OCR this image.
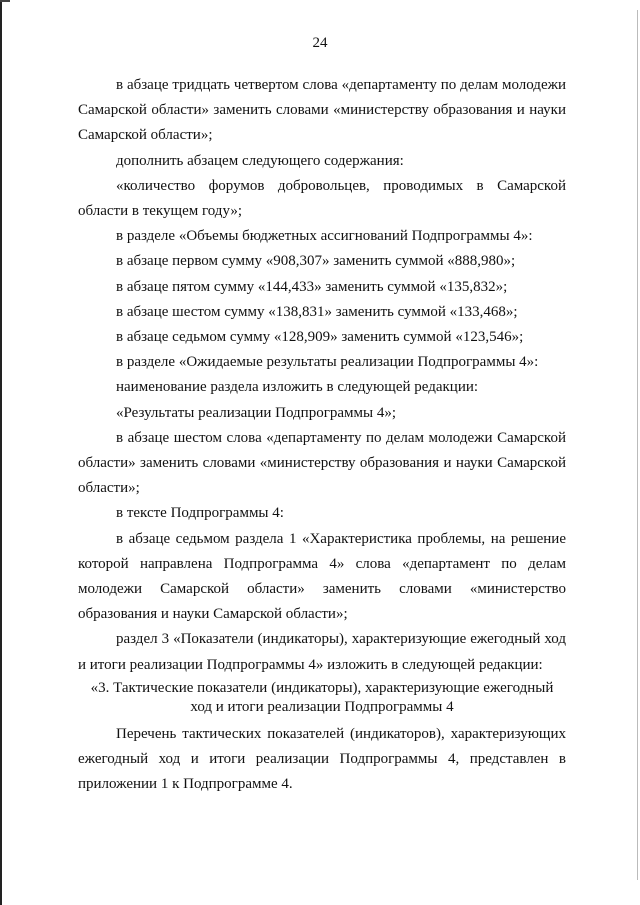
24

в абзаце тридцать четвертом слова «департаменту по делам молодежи Самарской области» заменить словами «министерству образования и науки Самарской области»;

дополнить абзацем следующего содержания:

«количество форумов добровольцев, проводимых в Самарской области в текущем году»;

в разделе «Объемы бюджетных ассигнований Подпрограммы 4»:

в абзаце первом сумму «908,307» заменить суммой «888,980»;

в абзаце пятом сумму «144,433» заменить суммой «135,832»;

в абзаце шестом сумму «138,831» заменить суммой «133,468»;

в абзаце седьмом сумму «128,909» заменить суммой «123,546»;

в разделе «Ожидаемые результаты реализации Подпрограммы 4»:

наименование раздела изложить в следующей редакции:

«Результаты реализации Подпрограммы 4»;

в абзаце шестом слова «департаменту по делам молодежи Самарской области» заменить словами «министерству образования и науки Самарской области»;

в тексте Подпрограммы 4:

в абзаце седьмом раздела 1 «Характеристика проблемы, на решение которой направлена Подпрограмма 4» слова «департамент по делам молодежи Самарской области» заменить словами «министерство образования и науки Самарской области»;

раздел 3 «Показатели (индикаторы), характеризующие ежегодный ход и итоги реализации Подпрограммы 4» изложить в следующей редакции:

«3. Тактические показатели (индикаторы), характеризующие ежегодный ход и итоги реализации Подпрограммы 4

Перечень тактических показателей (индикаторов), характеризующих ежегодный ход и итоги реализации Подпрограммы 4, представлен в приложении 1 к Подпрограмме 4.
